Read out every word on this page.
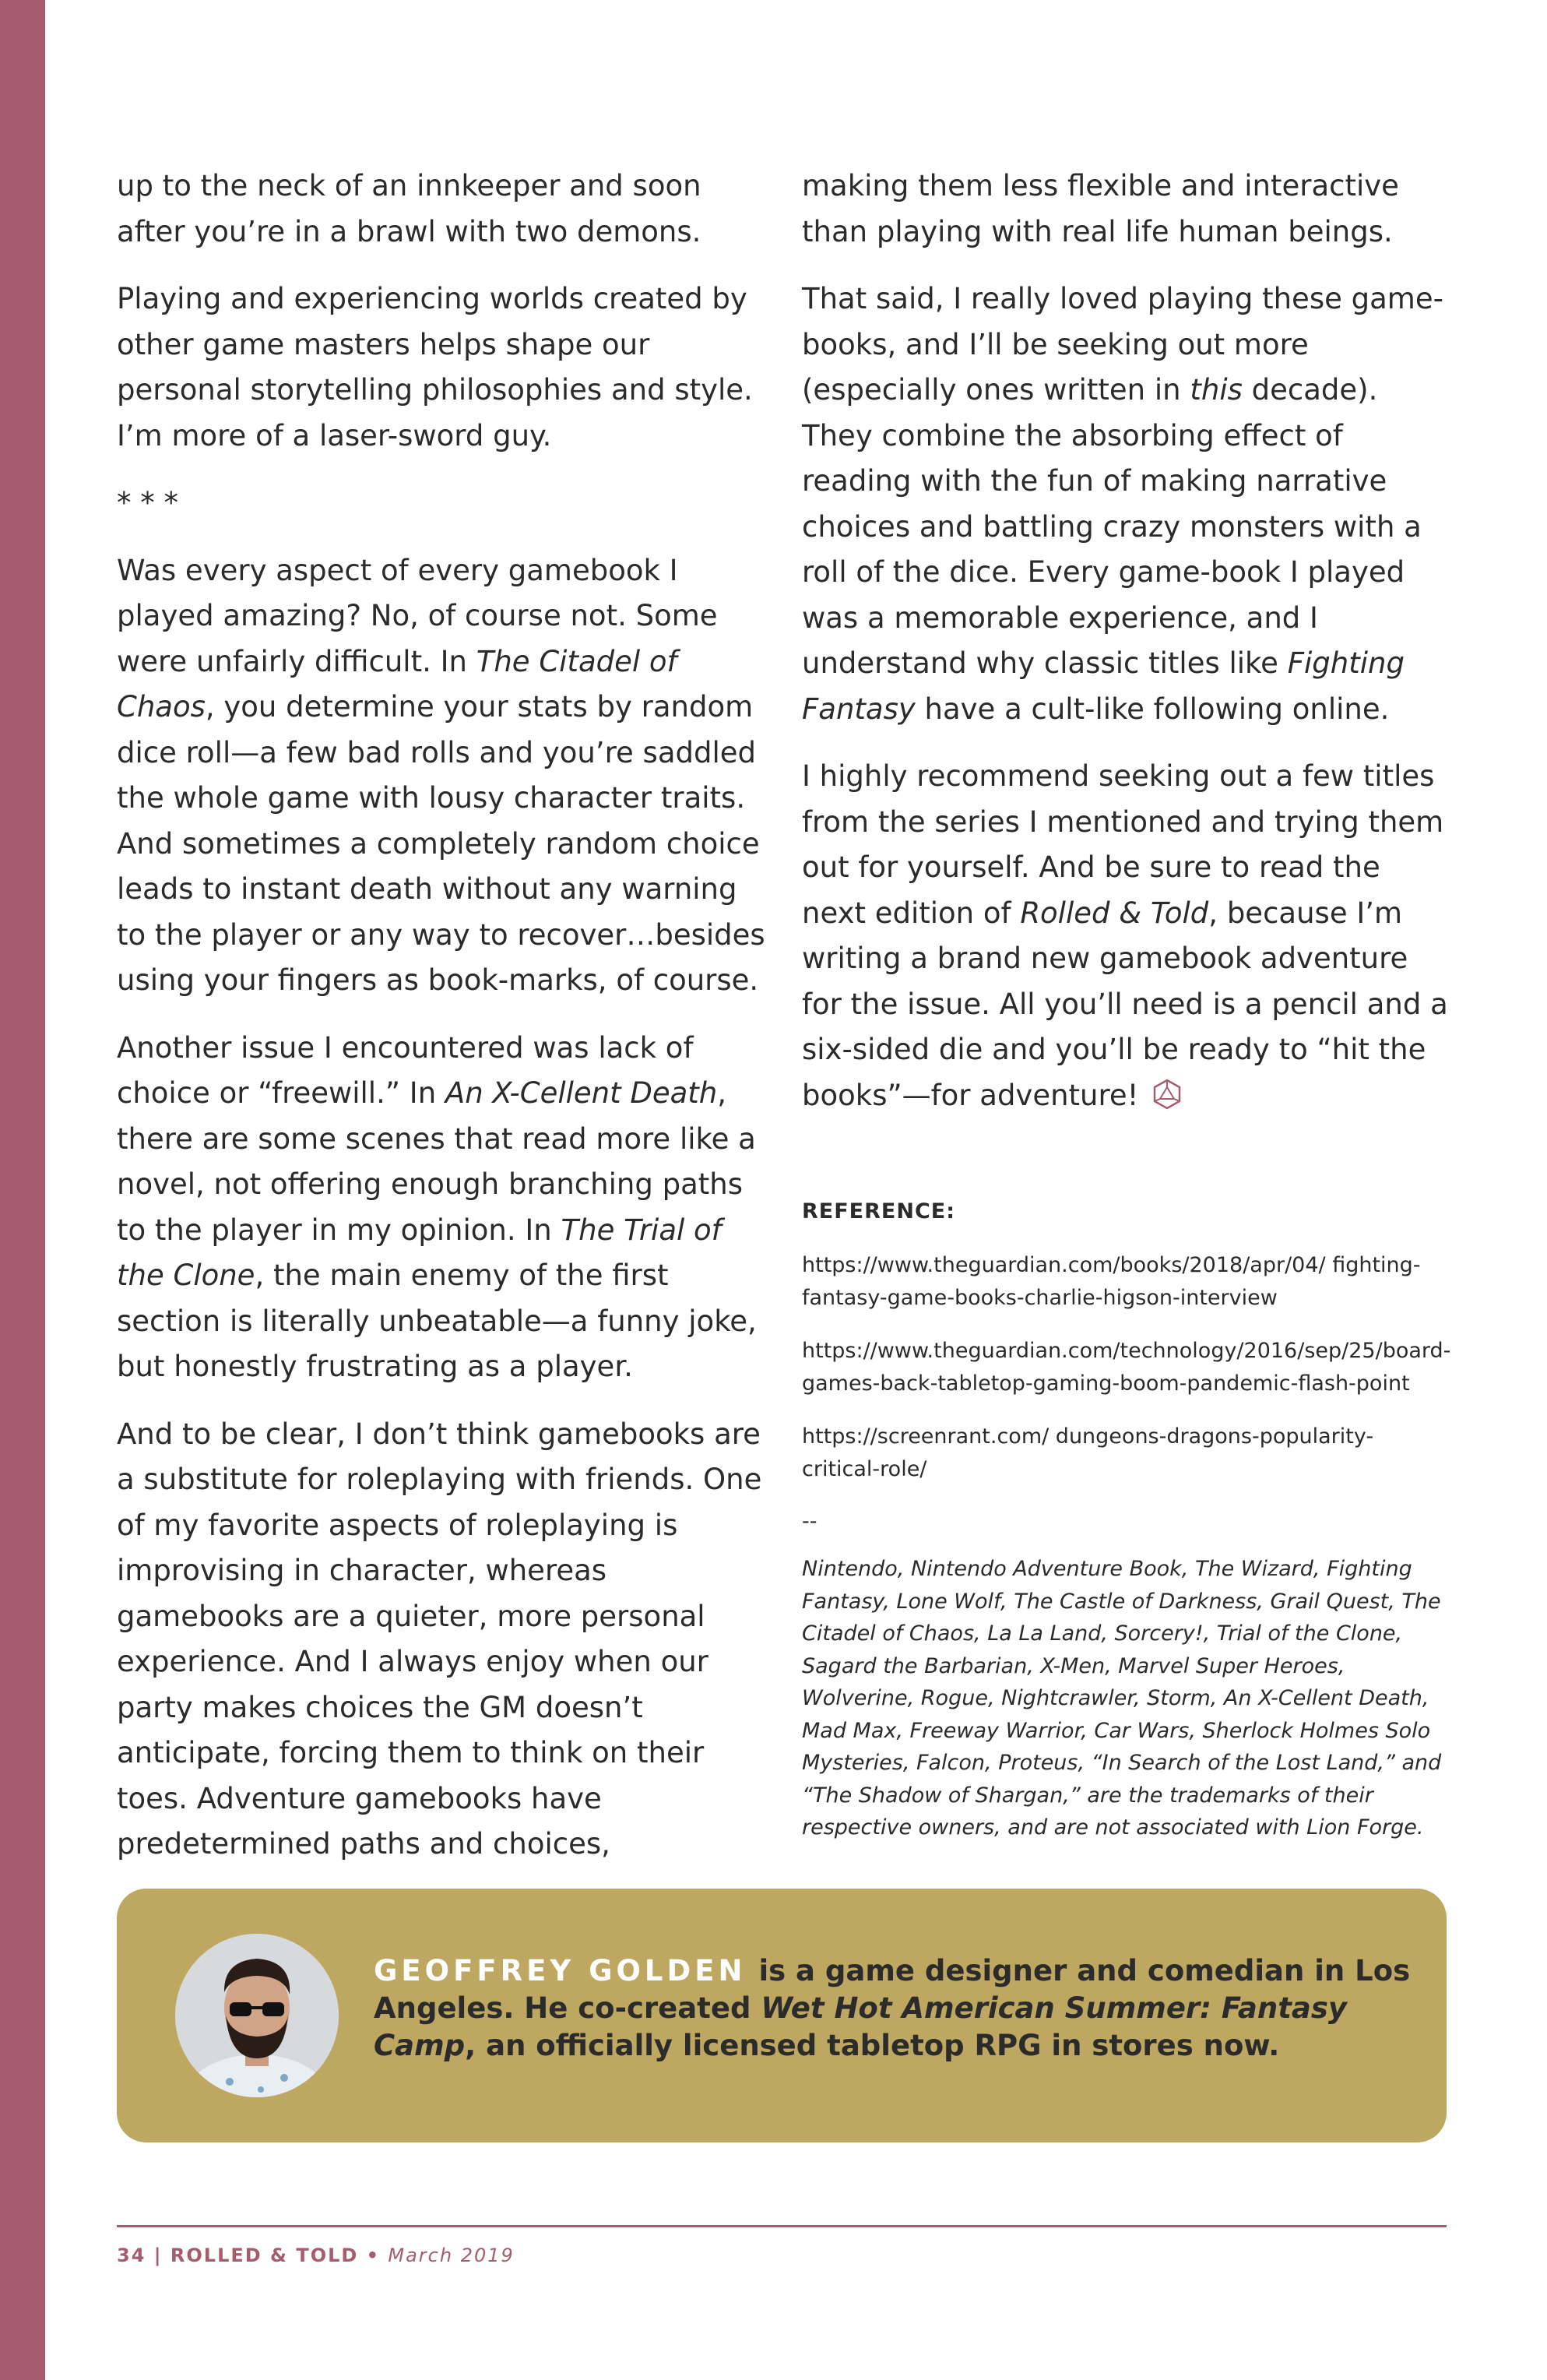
up to the neck of an innkeeper and soon after you’re in a brawl with two demons.

Playing and experiencing worlds created by other game masters helps shape our personal storytelling philosophies and style. I’m more of a laser-sword guy.

* * *

Was every aspect of every gamebook I played amazing? No, of course not. Some were unfairly difficult. In The Citadel of Chaos, you determine your stats by random dice roll—a few bad rolls and you’re saddled the whole game with lousy character traits. And sometimes a completely random choice leads to instant death without any warning to the player or any way to recover…besides using your fingers as book-marks, of course.

Another issue I encountered was lack of choice or “freewill.” In An X-Cellent Death, there are some scenes that read more like a novel, not offering enough branching paths to the player in my opinion. In The Trial of the Clone, the main enemy of the first section is literally unbeatable—a funny joke, but honestly frustrating as a player.

And to be clear, I don’t think gamebooks are a substitute for roleplaying with friends. One of my favorite aspects of roleplaying is improvising in character, whereas gamebooks are a quieter, more personal experience. And I always enjoy when our party makes choices the GM doesn’t anticipate, forcing them to think on their toes. Adventure gamebooks have predetermined paths and choices,

making them less flexible and interactive than playing with real life human beings.

That said, I really loved playing these game-books, and I’ll be seeking out more (especially ones written in this decade). They combine the absorbing effect of reading with the fun of making narrative choices and battling crazy monsters with a roll of the dice. Every game-book I played was a memorable experience, and I understand why classic titles like Fighting Fantasy have a cult-like following online.

I highly recommend seeking out a few titles from the series I mentioned and trying them out for yourself. And be sure to read the next edition of Rolled & Told, because I’m writing a brand new gamebook adventure for the issue. All you’ll need is a pencil and a six-sided die and you’ll be ready to “hit the books”—for adventure!

REFERENCE:

https://www.theguardian.com/books/2018/apr/04/ fighting-fantasy-game-books-charlie-higson-interview

https://www.theguardian.com/technology/2016/sep/25/board-games-back-tabletop-gaming-boom-pandemic-flash-point

https://screenrant.com/ dungeons-dragons-popularity-critical-role/

--

Nintendo, Nintendo Adventure Book, The Wizard, Fighting Fantasy, Lone Wolf, The Castle of Darkness, Grail Quest, The Citadel of Chaos, La La Land, Sorcery!, Trial of the Clone, Sagard the Barbarian, X-Men, Marvel Super Heroes, Wolverine, Rogue, Nightcrawler, Storm, An X-Cellent Death, Mad Max, Freeway Warrior, Car Wars, Sherlock Holmes Solo Mysteries, Falcon, Proteus, “In Search of the Lost Land,” and “The Shadow of Shargan,” are the trademarks of their respective owners, and are not associated with Lion Forge.

GEOFFREY GOLDEN is a game designer and comedian in Los Angeles. He co-created Wet Hot American Summer: Fantasy Camp, an officially licensed tabletop RPG in stores now.
34 | ROLLED & TOLD • March 2019
